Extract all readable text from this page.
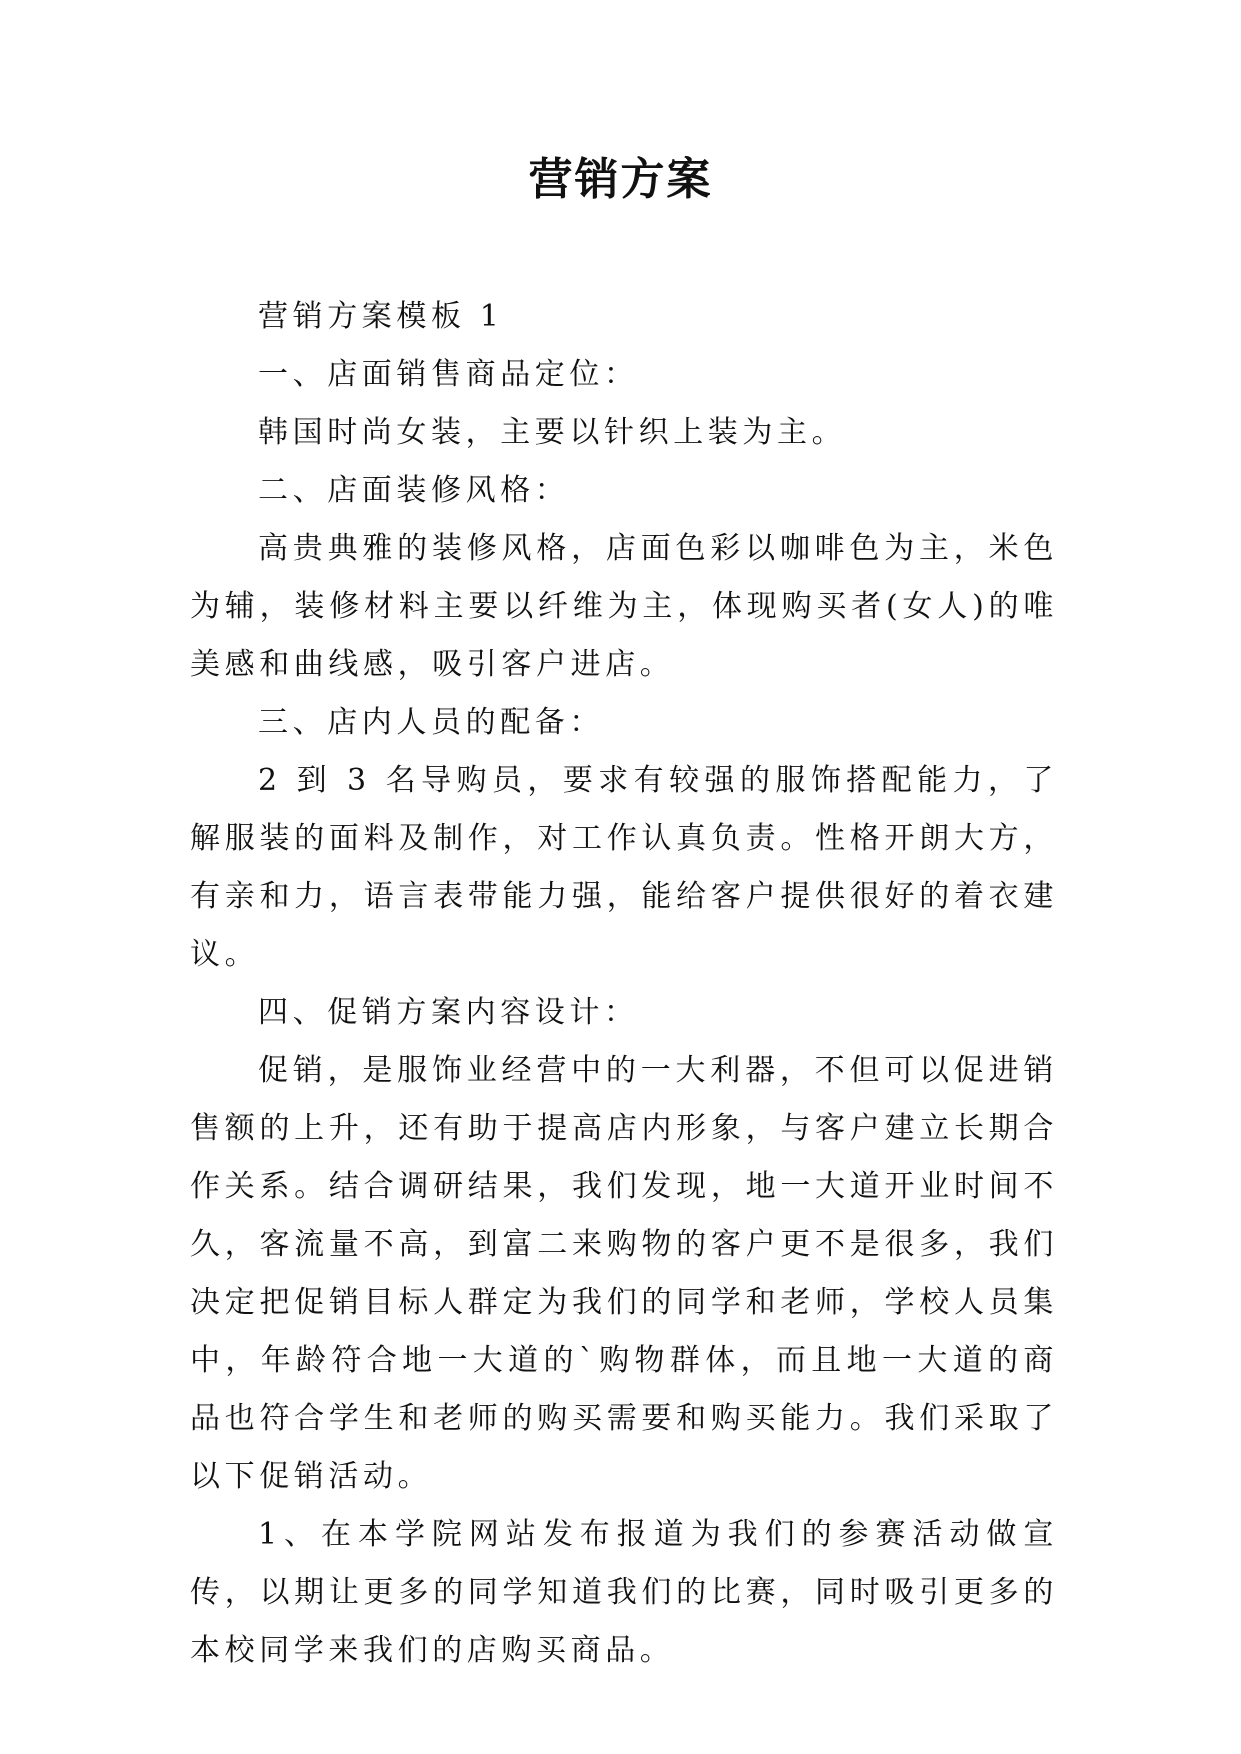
营销方案

营销方案模板 1

一、店面销售商品定位：

韩国时尚女装，主要以针织上装为主。

二、店面装修风格：

高贵典雅的装修风格，店面色彩以咖啡色为主，米色为辅，装修材料主要以纤维为主，体现购买者(女人)的唯美感和曲线感，吸引客户进店。

三、店内人员的配备：

2 到 3 名导购员，要求有较强的服饰搭配能力，了解服装的面料及制作，对工作认真负责。性格开朗大方，有亲和力，语言表带能力强，能给客户提供很好的着衣建议。

四、促销方案内容设计：

促销，是服饰业经营中的一大利器，不但可以促进销售额的上升，还有助于提高店内形象，与客户建立长期合作关系。结合调研结果，我们发现，地一大道开业时间不久，客流量不高，到富二来购物的客户更不是很多，我们决定把促销目标人群定为我们的同学和老师，学校人员集中，年龄符合地一大道的`购物群体，而且地一大道的商品也符合学生和老师的购买需要和购买能力。我们采取了以下促销活动。

1、在本学院网站发布报道为我们的参赛活动做宣传，以期让更多的同学知道我们的比赛，同时吸引更多的本校同学来我们的店购买商品。
